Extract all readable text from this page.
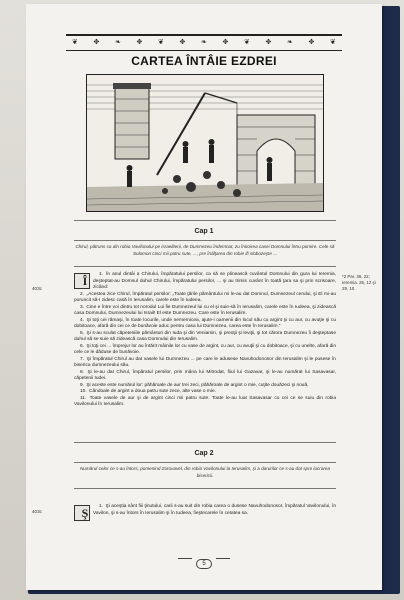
❦ ✥ ❧ ✥ ❦ ✥ ❧ ✥ ❦ ✥ ❧ ✥ ❦
CARTEA ÎNTÂIE EZDREI
Cap 1
Chirul, pătruns ca din robia Vavilonului pe israeliteni, de Dumnezeu îndemnat, zu înnoirea casei Domnului întru pornire. Cele să Solomon cinci mii patru sute, ..., pre înălţarea din robie ifi slobozeşte ...
403c
*2 Par. 36, 22; Ieremia. 25, 12 şi 29, 10.

Î	1. În anul dintâi a Chirului, împăratului persilor, ca să se plinească cuvântul Domnului din gura lui Ieremia, deşteptat-au Domnul duhul Chirului, împăratului persilor, ... şi au trimis cuvânt în toată ţara sa şi prin scrisoare, zicând:

2. „Acestea zice Chirul, împăratul persilor: „Toate ţările pământului mi le-au dat Domnul, Dumnezeul cerului, şi El mi-au poruncit să-I zidesc casă în Ierusalim, carele este în Iudeea.

3. Cine e între voi dintru tot norodul Lui fie Dumnezeul lui cu el şi suie-să în Ierusalim, carele este în Iudeea, şi zidească casa Domnului, Dumnezeului lui Israil! El este Dumnezeu. Care este în Ierusalim.

4. Şi toţi cei rămaşi, în toate locurile, unde nemernicea, ajute-i oamenii din locul său cu argint şi cu aur, cu avuţie şi cu dobitoace, afară din cei ce de bunăvoie aduc pentru casa lui Dumnezeu, carea este în Ierusalim."

5. Şi s-au sculat căpeteniile pământuri din Iuda şi din Veniamin, şi preoţii şi leviţii, şi tot cărora Dumnezeu îi deşteptase duhul să se suie să zidească casa Domnului din Ierusalim.

6. Şi toţi cei ... împrejur lor au întărit mâinile lor cu vase de argint, cu aur, cu avuţii şi cu dobitoace, şi cu unelte, afară din cele ce le dăduse de bunăvoie.

7. Şi împăratul Chirul au dat vasele lui Dumnezeu ... pe care le adusese Navuhodonosor din Ierusalim şi le pusese în biserica dumnezeului său.

8. Şi le-au dat Chirul, împăratul persilor, prin mâna lui Mitrodat, fiiul lui Gazavar, şi le-au numărat lui Sasavasar, căpetenii Iudei.

9. Şi aceste este numărul lor: păhăroale de aur trei zeci, păhăroale de argint o mie, cuţite douăzeci şi nouă,

10. Căndoale de argint a doua patru sute zece, alte vase o mie.

11. Toate vasele de aur şi de argint cinci mii patru sute. Toate le-au luat Sasavasar cu cei ce se suiu din robia Vavilonului în Ierusalim.

Cap 2
Numărul celor ce s-au întors, pomenind Zorovavel, din robia Vavilonului la Ierusalim, şi a darurilor ce s-au dat spre lucrarea bisericii.
403c	Ş	1. Şi aceştia sânt fiii ţinutului, carii s-au suit din robia carea o dusese Navuhodonosor, împăratul Vavilonului, în Vavilon, şi s-au întors în Ierusalim şi în Iudeea, fieştecarele în cetatea sa.

5
